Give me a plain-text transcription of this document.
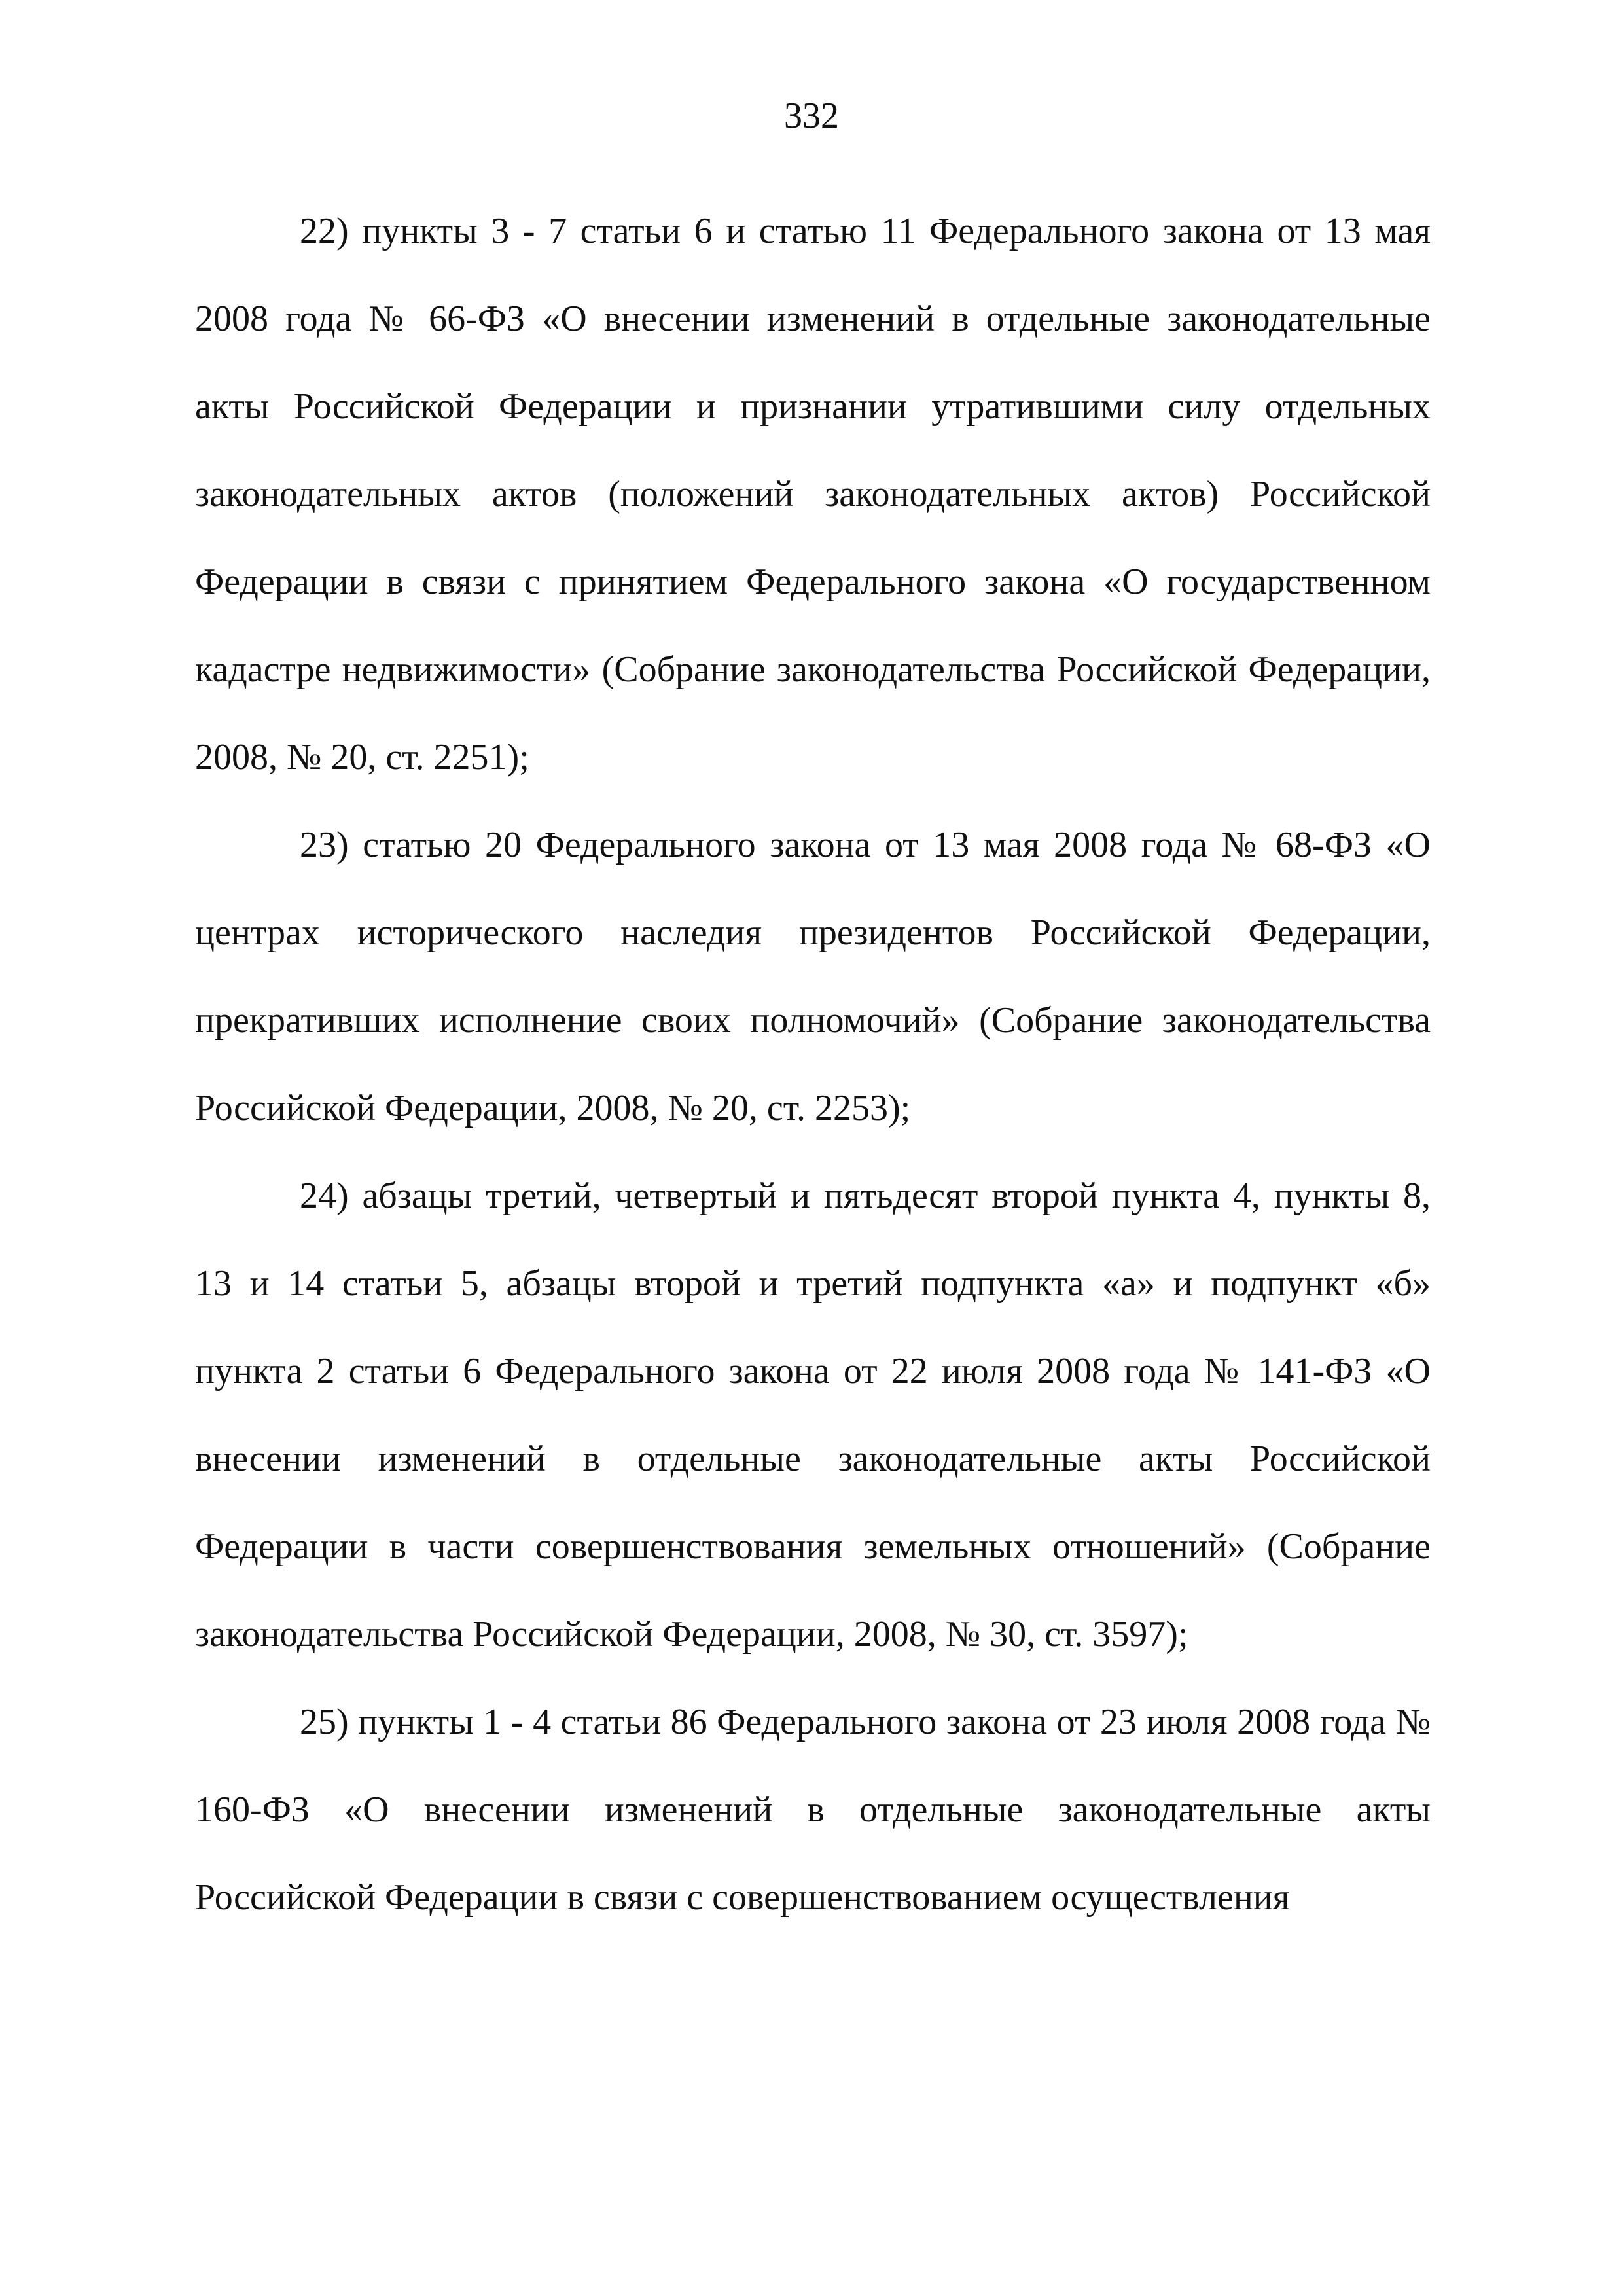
332

22) пункты 3 - 7 статьи 6 и статью 11 Федерального закона от 13 мая 2008 года № 66-ФЗ «О внесении изменений в отдельные законодательные акты Российской Федерации и признании утратившими силу отдельных законодательных актов (положений законодательных актов) Российской Федерации в связи с принятием Федерального закона «О государственном кадастре недвижимости» (Собрание законодательства Российской Федерации, 2008, № 20, ст. 2251);

23) статью 20 Федерального закона от 13 мая 2008 года № 68-ФЗ «О центрах исторического наследия президентов Российской Федерации, прекративших исполнение своих полномочий» (Собрание законодательства Российской Федерации, 2008, № 20, ст. 2253);

24) абзацы третий, четвертый и пятьдесят второй пункта 4, пункты 8, 13 и 14 статьи 5, абзацы второй и третий подпункта «а» и подпункт «б» пункта 2 статьи 6 Федерального закона от 22 июля 2008 года № 141-ФЗ «О внесении изменений в отдельные законодательные акты Российской Федерации в части совершенствования земельных отношений» (Собрание законодательства Российской Федерации, 2008, № 30, ст. 3597);

25) пункты 1 - 4 статьи 86 Федерального закона от 23 июля 2008 года № 160-ФЗ «О внесении изменений в отдельные законодательные акты Российской Федерации в связи с совершенствованием осуществления
